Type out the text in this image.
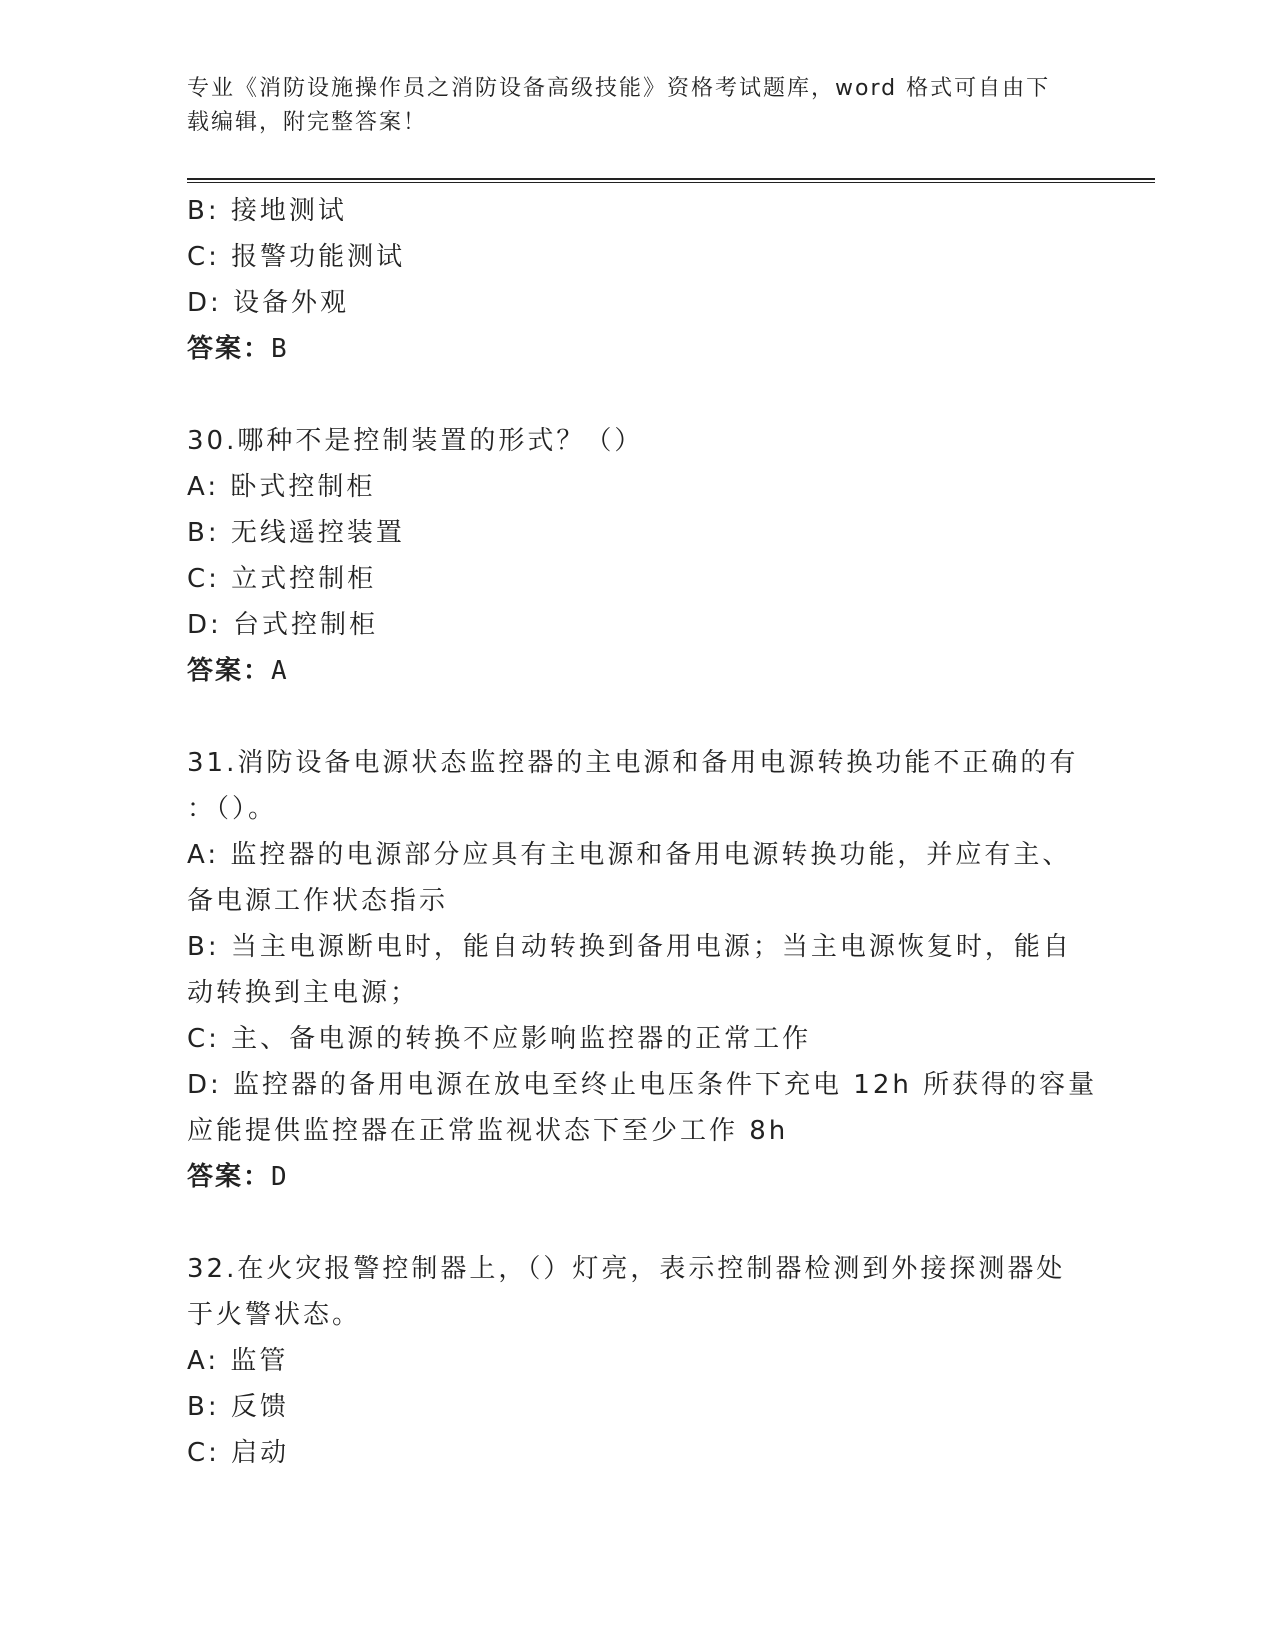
专业《消防设施操作员之消防设备高级技能》资格考试题库，word 格式可自由下
载编辑，附完整答案！
B: 接地测试
C: 报警功能测试
D: 设备外观
答案：B
30.哪种不是控制装置的形式？（）
A: 卧式控制柜
B: 无线遥控装置
C: 立式控制柜
D: 台式控制柜
答案：A
31.消防设备电源状态监控器的主电源和备用电源转换功能不正确的有
：（）。
A: 监控器的电源部分应具有主电源和备用电源转换功能，并应有主、
备电源工作状态指示
B: 当主电源断电时，能自动转换到备用电源；当主电源恢复时，能自
动转换到主电源；
C: 主、备电源的转换不应影响监控器的正常工作
D: 监控器的备用电源在放电至终止电压条件下充电 12h 所获得的容量
应能提供监控器在正常监视状态下至少工作 8h
答案：D
32.在火灾报警控制器上，（）灯亮，表示控制器检测到外接探测器处
于火警状态。
A: 监管
B: 反馈
C: 启动
